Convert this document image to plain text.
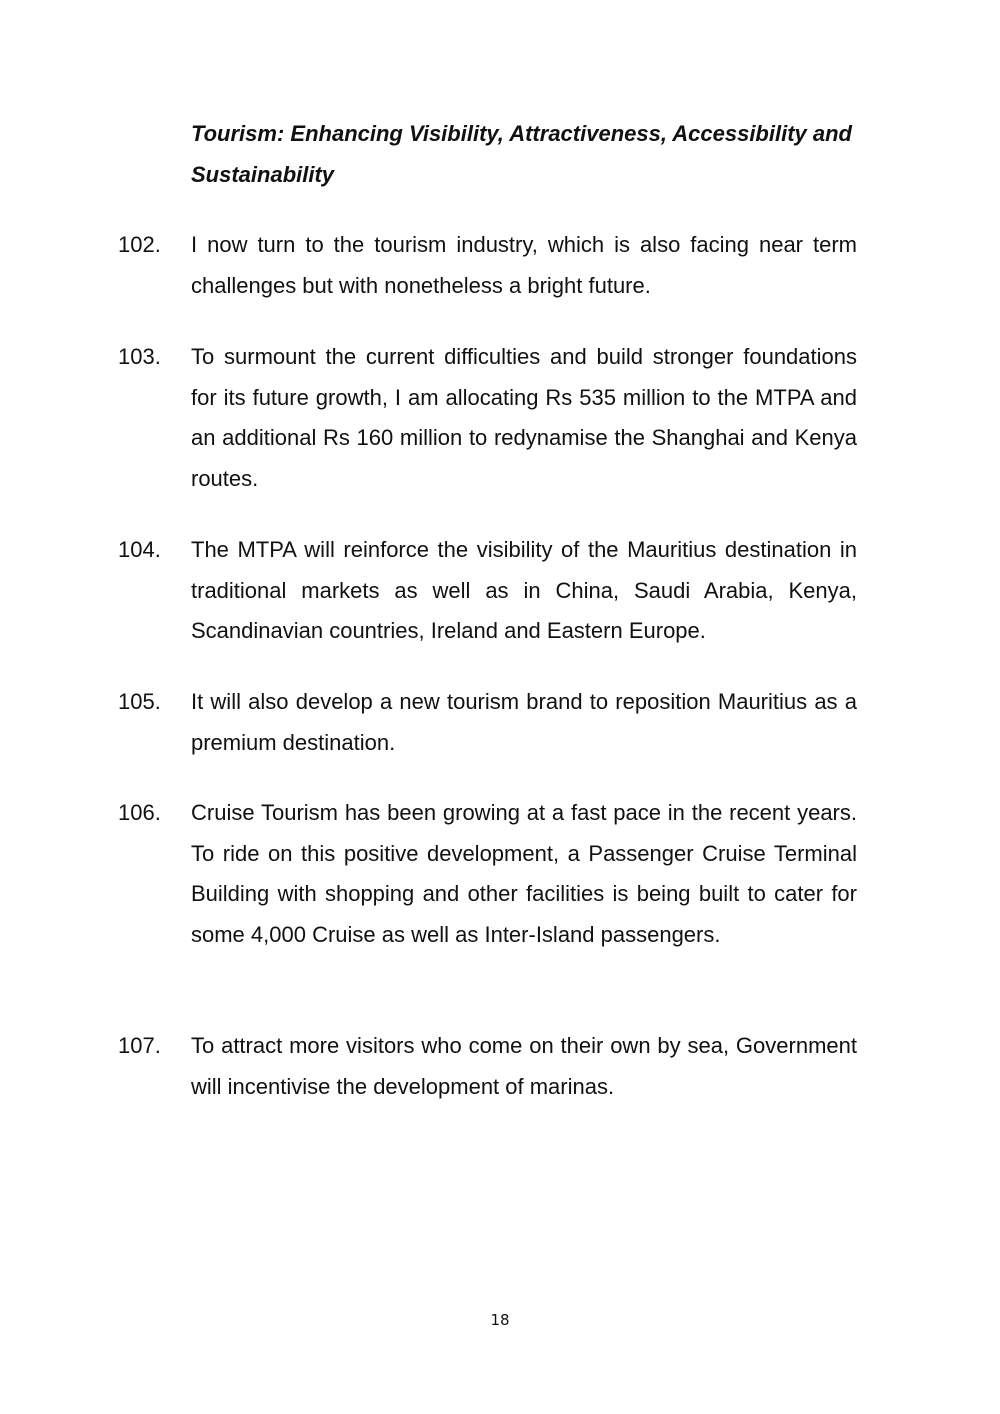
Tourism: Enhancing Visibility, Attractiveness, Accessibility and Sustainability
102.	I now turn to the tourism industry, which is also facing near term challenges but with nonetheless a bright future.
103.	To surmount the current difficulties and build stronger foundations for its future growth, I am allocating Rs 535 million to the MTPA and an additional Rs 160 million to redynamise the Shanghai and Kenya routes.
104.	The MTPA will reinforce the visibility of the Mauritius destination in traditional markets as well as in China, Saudi Arabia, Kenya, Scandinavian countries, Ireland and Eastern Europe.
105.	It will also develop a new tourism brand to reposition Mauritius as a premium destination.
106.	Cruise Tourism has been growing at a fast pace in the recent years. To ride on this positive development, a Passenger Cruise Terminal Building with shopping and other facilities is being built to cater for some 4,000 Cruise as well as Inter-Island passengers.
107.	To attract more visitors who come on their own by sea, Government will incentivise the development of marinas.
18
